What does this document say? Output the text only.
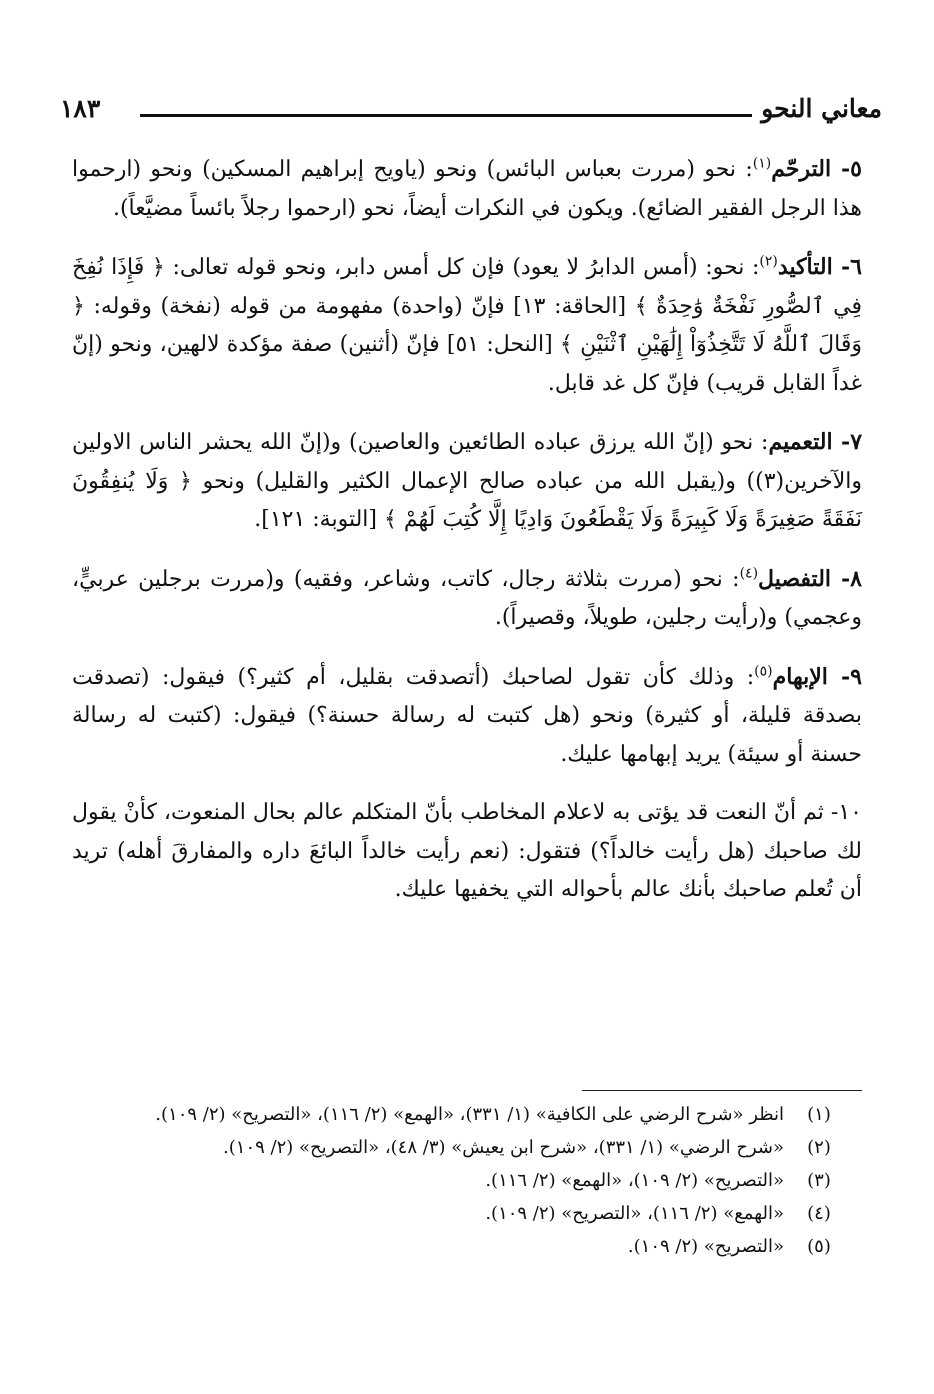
معاني النحو
١٨٣

٥- الترحّم$^{(١)}$: نحو (مررت بعباس البائس) ونحو (ياويح إبراهيم المسكين) ونحو (ارحموا هذا الرجل الفقير الضائع). ويكون في النكرات أيضاً، نحو (ارحموا رجلاً بائساً مضيَّعاً).

٦- التأكيد$^{(٢)}$: نحو: (أمس الدابرُ لا يعود) فإن كل أمس دابر، ونحو قوله تعالى: ﴿ فَإِذَا نُفِخَ فِي ٱلصُّورِ نَفْخَةٌ وَٰحِدَةٌ ﴾ [الحاقة: ١٣] فإنّ (واحدة) مفهومة من قوله (نفخة) وقوله: ﴿ وَقَالَ ٱللَّهُ لَا تَتَّخِذُوٓاْ إِلَٰهَيْنِ ٱثْنَيْنِ ﴾ [النحل: ٥١] فإنّ (أثنين) صفة مؤكدة لالهين، ونحو (إنّ غداً القابل قريب) فإنّ كل غد قابل.

٧- التعميم: نحو (إنّ الله يرزق عباده الطائعين والعاصين) و(إنّ الله يحشر الناس الاولين والآخرين(٣)) و(يقبل الله من عباده صالح الإعمال الكثير والقليل) ونحو ﴿ وَلَا يُنفِقُونَ نَفَقَةً صَغِيرَةً وَلَا كَبِيرَةً وَلَا يَقْطَعُونَ وَادِيًا إِلَّا كُتِبَ لَهُمْ ﴾ [التوبة: ١٢١].

٨- التفصيل$^{(٤)}$: نحو (مررت بثلاثة رجال، كاتب، وشاعر، وفقيه) و(مررت برجلين عربيٍّ، وعجمي) و(رأيت رجلين، طويلاً، وقصيراً).

٩- الإبهام$^{(٥)}$: وذلك كأن تقول لصاحبك (أتصدقت بقليل، أم كثير؟) فيقول: (تصدقت بصدقة قليلة، أو كثيرة) ونحو (هل كتبت له رسالة حسنة؟) فيقول: (كتبت له رسالة حسنة أو سيئة) يريد إبهامها عليك.

١٠- ثم أنّ النعت قد يؤتى به لاعلام المخاطب بأنّ المتكلم عالم بحال المنعوت، كأنْ يقول لك صاحبك (هل رأيت خالداً؟) فتقول: (نعم رأيت خالداً البائعَ داره والمفارقَ أهله) تريد أن تُعلم صاحبك بأنك عالم بأحواله التي يخفيها عليك.

(١)
انظر «شرح الرضي على الكافية» (١/ ٣٣١)، «الهمع» (٢/ ١١٦)، «التصريح» (٢/ ١٠٩).
(٢)
«شرح الرضي» (١/ ٣٣١)، «شرح ابن يعيش» (٣/ ٤٨)، «التصريح» (٢/ ١٠٩).
(٣)
«التصريح» (٢/ ١٠٩)، «الهمع» (٢/ ١١٦).
(٤)
«الهمع» (٢/ ١١٦)، «التصريح» (٢/ ١٠٩).
(٥)
«التصريح» (٢/ ١٠٩).
